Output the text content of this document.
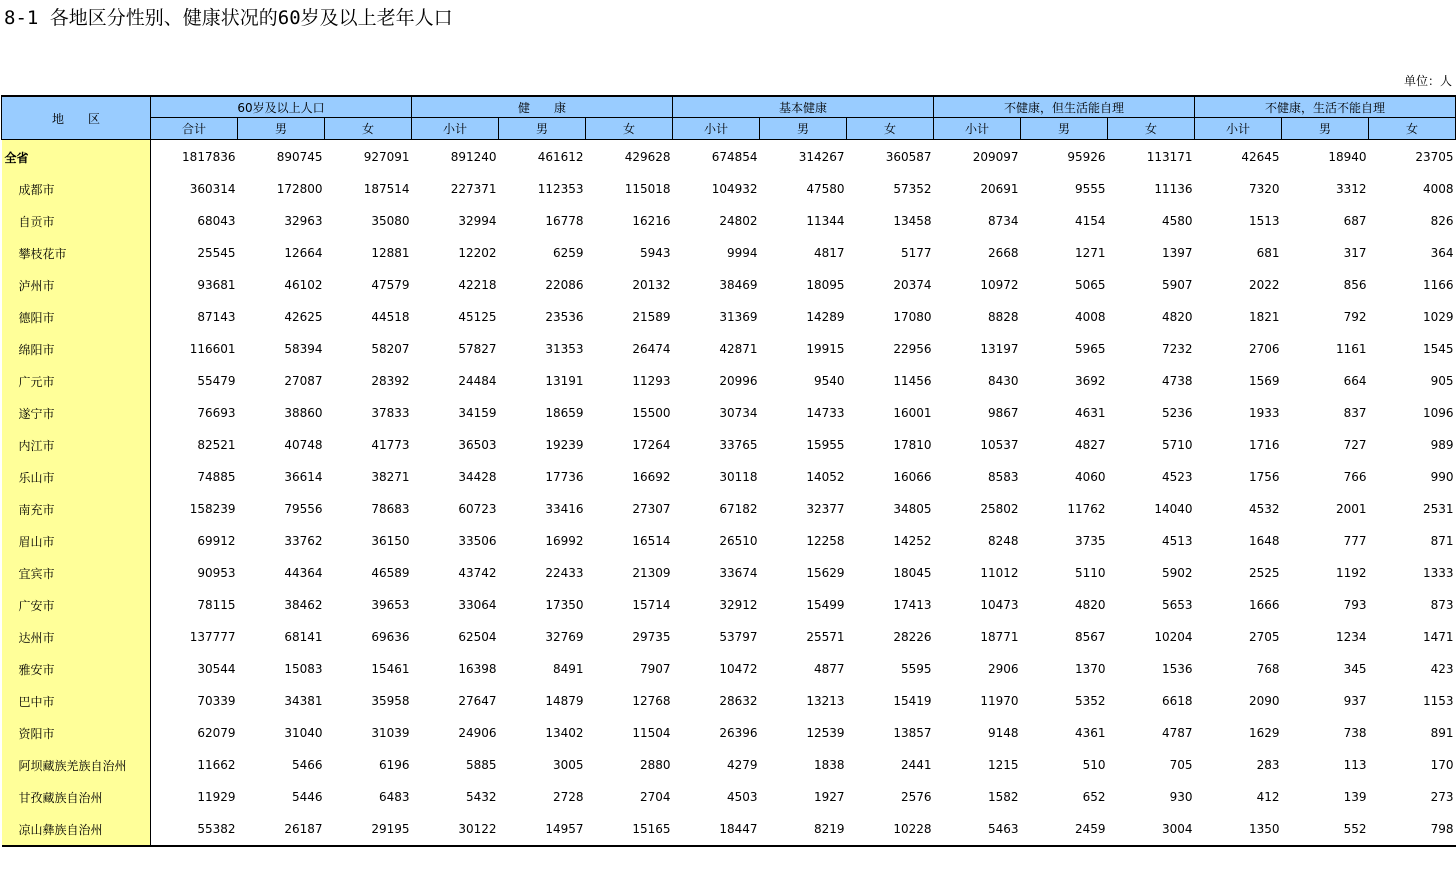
8-1 各地区分性别、健康状况的60岁及以上老年人口
单位：人
地　　区	60岁及以上人口			健　　康			基本健康			不健康，但生活能自理			不健康，生活不能自理		
	合计	男	女	小计	男	女	小计	男	女	小计	男	女	小计	男	女
全省	1817836	890745	927091	891240	461612	429628	674854	314267	360587	209097	95926	113171	42645	18940	23705
成都市	360314	172800	187514	227371	112353	115018	104932	47580	57352	20691	9555	11136	7320	3312	4008
自贡市	68043	32963	35080	32994	16778	16216	24802	11344	13458	8734	4154	4580	1513	687	826
攀枝花市	25545	12664	12881	12202	6259	5943	9994	4817	5177	2668	1271	1397	681	317	364
泸州市	93681	46102	47579	42218	22086	20132	38469	18095	20374	10972	5065	5907	2022	856	1166
德阳市	87143	42625	44518	45125	23536	21589	31369	14289	17080	8828	4008	4820	1821	792	1029
绵阳市	116601	58394	58207	57827	31353	26474	42871	19915	22956	13197	5965	7232	2706	1161	1545
广元市	55479	27087	28392	24484	13191	11293	20996	9540	11456	8430	3692	4738	1569	664	905
遂宁市	76693	38860	37833	34159	18659	15500	30734	14733	16001	9867	4631	5236	1933	837	1096
内江市	82521	40748	41773	36503	19239	17264	33765	15955	17810	10537	4827	5710	1716	727	989
乐山市	74885	36614	38271	34428	17736	16692	30118	14052	16066	8583	4060	4523	1756	766	990
南充市	158239	79556	78683	60723	33416	27307	67182	32377	34805	25802	11762	14040	4532	2001	2531
眉山市	69912	33762	36150	33506	16992	16514	26510	12258	14252	8248	3735	4513	1648	777	871
宜宾市	90953	44364	46589	43742	22433	21309	33674	15629	18045	11012	5110	5902	2525	1192	1333
广安市	78115	38462	39653	33064	17350	15714	32912	15499	17413	10473	4820	5653	1666	793	873
达州市	137777	68141	69636	62504	32769	29735	53797	25571	28226	18771	8567	10204	2705	1234	1471
雅安市	30544	15083	15461	16398	8491	7907	10472	4877	5595	2906	1370	1536	768	345	423
巴中市	70339	34381	35958	27647	14879	12768	28632	13213	15419	11970	5352	6618	2090	937	1153
资阳市	62079	31040	31039	24906	13402	11504	26396	12539	13857	9148	4361	4787	1629	738	891
阿坝藏族羌族自治州	11662	5466	6196	5885	3005	2880	4279	1838	2441	1215	510	705	283	113	170
甘孜藏族自治州	11929	5446	6483	5432	2728	2704	4503	1927	2576	1582	652	930	412	139	273
凉山彝族自治州	55382	26187	29195	30122	14957	15165	18447	8219	10228	5463	2459	3004	1350	552	798
